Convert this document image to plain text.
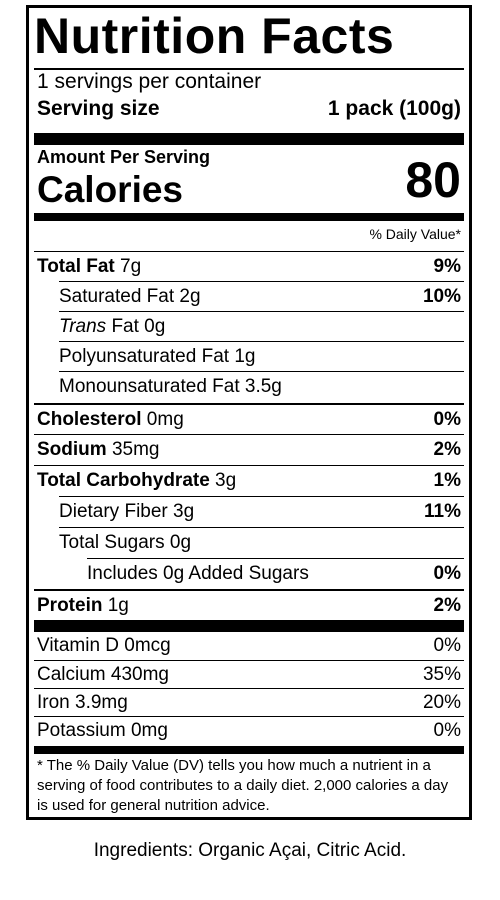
Nutrition Facts
1 servings per container
Serving size	1 pack (100g)
Amount Per Serving
Calories	80
% Daily Value*
Total Fat 7g	9%
Saturated Fat 2g	10%
Trans Fat 0g
Polyunsaturated Fat 1g
Monounsaturated Fat 3.5g
Cholesterol 0mg	0%
Sodium 35mg	2%
Total Carbohydrate 3g	1%
Dietary Fiber 3g	11%
Total Sugars 0g
Includes 0g Added Sugars	0%
Protein 1g	2%
Vitamin D 0mcg	0%
Calcium 430mg	35%
Iron 3.9mg	20%
Potassium 0mg	0%
* The % Daily Value (DV) tells you how much a nutrient in a serving of food contributes to a daily diet. 2,000 calories a day is used for general nutrition advice.
Ingredients: Organic Açai, Citric Acid.
